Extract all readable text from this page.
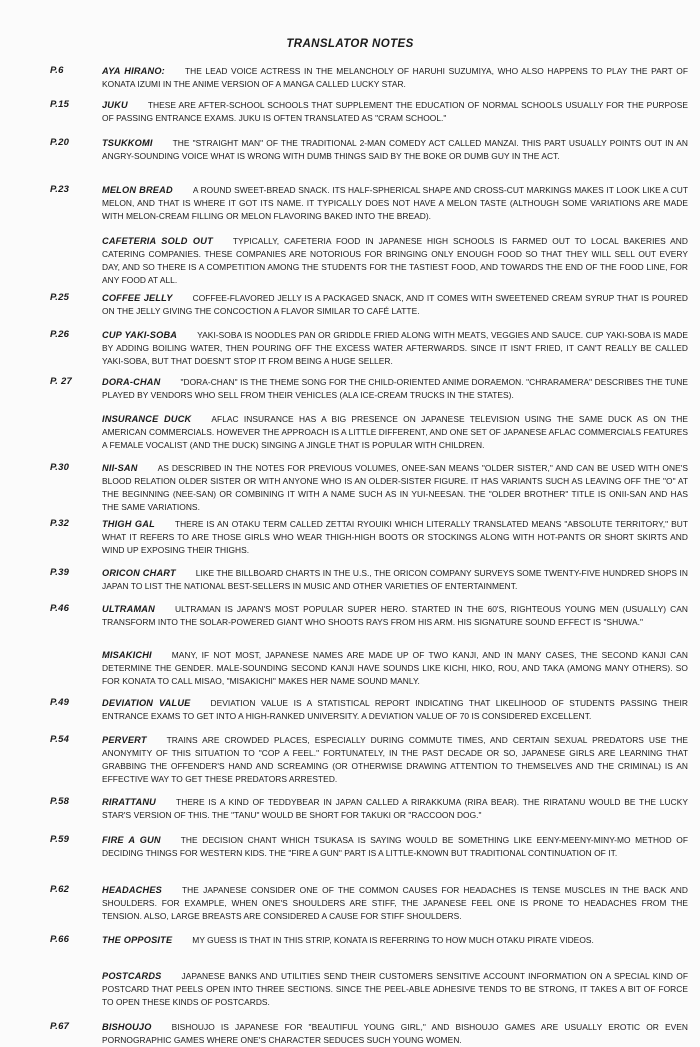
TRANSLATOR NOTES
P.6	AYA HIRANO: THE LEAD VOICE ACTRESS IN THE MELANCHOLY OF HARUHI SUZUMIYA, WHO ALSO HAPPENS TO PLAY THE PART OF KONATA IZUMI IN THE ANIME VERSION OF A MANGA CALLED LUCKY STAR.
P.15	JUKU THESE ARE AFTER-SCHOOL SCHOOLS THAT SUPPLEMENT THE EDUCATION OF NORMAL SCHOOLS USUALLY FOR THE PURPOSE OF PASSING ENTRANCE EXAMS. JUKU IS OFTEN TRANSLATED AS "CRAM SCHOOL."
P.20	TSUKKOMI THE "STRAIGHT MAN" OF THE TRADITIONAL 2-MAN COMEDY ACT CALLED MANZAI. THIS PART USUALLY POINTS OUT IN AN ANGRY-SOUNDING VOICE WHAT IS WRONG WITH DUMB THINGS SAID BY THE BOKE OR DUMB GUY IN THE ACT.
P.23	MELON BREAD A ROUND SWEET-BREAD SNACK. ITS HALF-SPHERICAL SHAPE AND CROSS-CUT MARKINGS MAKES IT LOOK LIKE A CUT MELON, AND THAT IS WHERE IT GOT ITS NAME. IT TYPICALLY DOES NOT HAVE A MELON TASTE (ALTHOUGH SOME VARIATIONS ARE MADE WITH MELON-CREAM FILLING OR MELON FLAVORING BAKED INTO THE BREAD).
CAFETERIA SOLD OUT TYPICALLY, CAFETERIA FOOD IN JAPANESE HIGH SCHOOLS IS FARMED OUT TO LOCAL BAKERIES AND CATERING COMPANIES. THESE COMPANIES ARE NOTORIOUS FOR BRINGING ONLY ENOUGH FOOD SO THAT THEY WILL SELL OUT EVERY DAY, AND SO THERE IS A COMPETITION AMONG THE STUDENTS FOR THE TASTIEST FOOD, AND TOWARDS THE END OF THE FOOD LINE, FOR ANY FOOD AT ALL.
P.25	COFFEE JELLY COFFEE-FLAVORED JELLY IS A PACKAGED SNACK, AND IT COMES WITH SWEETENED CREAM SYRUP THAT IS POURED ON THE JELLY GIVING THE CONCOCTION A FLAVOR SIMILAR TO CAFÉ LATTE.
P.26	CUP YAKI-SOBA YAKI-SOBA IS NOODLES PAN OR GRIDDLE FRIED ALONG WITH MEATS, VEGGIES AND SAUCE. CUP YAKI-SOBA IS MADE BY ADDING BOILING WATER, THEN POURING OFF THE EXCESS WATER AFTERWARDS. SINCE IT ISN'T FRIED, IT CAN'T REALLY BE CALLED YAKI-SOBA, BUT THAT DOESN'T STOP IT FROM BEING A HUGE SELLER.
P. 27	DORA-CHAN "DORA-CHAN" IS THE THEME SONG FOR THE CHILD-ORIENTED ANIME DORAEMON. "CHRARAMERA" DESCRIBES THE TUNE PLAYED BY VENDORS WHO SELL FROM THEIR VEHICLES (ALA ICE-CREAM TRUCKS IN THE STATES).
INSURANCE DUCK AFLAC INSURANCE HAS A BIG PRESENCE ON JAPANESE TELEVISION USING THE SAME DUCK AS ON THE AMERICAN COMMERCIALS. HOWEVER THE APPROACH IS A LITTLE DIFFERENT, AND ONE SET OF JAPANESE AFLAC COMMERCIALS FEATURES A FEMALE VOCALIST (AND THE DUCK) SINGING A JINGLE THAT IS POPULAR WITH CHILDREN.
P.30	NII-SAN AS DESCRIBED IN THE NOTES FOR PREVIOUS VOLUMES, ONEE-SAN MEANS "OLDER SISTER," AND CAN BE USED WITH ONE'S BLOOD RELATION OLDER SISTER OR WITH ANYONE WHO IS AN OLDER-SISTER FIGURE. IT HAS VARIANTS SUCH AS LEAVING OFF THE "O" AT THE BEGINNING (NEE-SAN) OR COMBINING IT WITH A NAME SUCH AS IN YUI-NEESAN. THE "OLDER BROTHER" TITLE IS ONII-SAN AND HAS THE SAME VARIATIONS.
P.32	THIGH GAL THERE IS AN OTAKU TERM CALLED ZETTAI RYOUIKI WHICH LITERALLY TRANSLATED MEANS "ABSOLUTE TERRITORY," BUT WHAT IT REFERS TO ARE THOSE GIRLS WHO WEAR THIGH-HIGH BOOTS OR STOCKINGS ALONG WITH HOT-PANTS OR SHORT SKIRTS AND WIND UP EXPOSING THEIR THIGHS.
P.39	ORICON CHART LIKE THE BILLBOARD CHARTS IN THE U.S., THE ORICON COMPANY SURVEYS SOME TWENTY-FIVE HUNDRED SHOPS IN JAPAN TO LIST THE NATIONAL BEST-SELLERS IN MUSIC AND OTHER VARIETIES OF ENTERTAINMENT.
P.46	ULTRAMAN ULTRAMAN IS JAPAN'S MOST POPULAR SUPER HERO. STARTED IN THE 60'S, RIGHTEOUS YOUNG MEN (USUALLY) CAN TRANSFORM INTO THE SOLAR-POWERED GIANT WHO SHOOTS RAYS FROM HIS ARM. HIS SIGNATURE SOUND EFFECT IS "SHUWA."
MISAKICHI MANY, IF NOT MOST, JAPANESE NAMES ARE MADE UP OF TWO KANJI, AND IN MANY CASES, THE SECOND KANJI CAN DETERMINE THE GENDER. MALE-SOUNDING SECOND KANJI HAVE SOUNDS LIKE KICHI, HIKO, ROU, AND TAKA (AMONG MANY OTHERS). SO FOR KONATA TO CALL MISAO, "MISAKICHI" MAKES HER NAME SOUND MANLY.
P.49	DEVIATION VALUE DEVIATION VALUE IS A STATISTICAL REPORT INDICATING THAT LIKELIHOOD OF STUDENTS PASSING THEIR ENTRANCE EXAMS TO GET INTO A HIGH-RANKED UNIVERSITY. A DEVIATION VALUE OF 70 IS CONSIDERED EXCELLENT.
P.54	PERVERT TRAINS ARE CROWDED PLACES, ESPECIALLY DURING COMMUTE TIMES, AND CERTAIN SEXUAL PREDATORS USE THE ANONYMITY OF THIS SITUATION TO "COP A FEEL." FORTUNATELY, IN THE PAST DECADE OR SO, JAPANESE GIRLS ARE LEARNING THAT GRABBING THE OFFENDER'S HAND AND SCREAMING (OR OTHERWISE DRAWING ATTENTION TO THEMSELVES AND THE CRIMINAL) IS AN EFFECTIVE WAY TO GET THESE PREDATORS ARRESTED.
P.58	RIRATTANU THERE IS A KIND OF TEDDYBEAR IN JAPAN CALLED A RIRAKKUMA (RIRA BEAR). THE RIRATANU WOULD BE THE LUCKY STAR'S VERSION OF THIS. THE "TANU" WOULD BE SHORT FOR TAKUKI OR "RACCOON DOG."
P.59	FIRE A GUN THE DECISION CHANT WHICH TSUKASA IS SAYING WOULD BE SOMETHING LIKE EENY-MEENY-MINY-MO METHOD OF DECIDING THINGS FOR WESTERN KIDS. THE "FIRE A GUN" PART IS A LITTLE-KNOWN BUT TRADITIONAL CONTINUATION OF IT.
P.62	HEADACHES THE JAPANESE CONSIDER ONE OF THE COMMON CAUSES FOR HEADACHES IS TENSE MUSCLES IN THE BACK AND SHOULDERS. FOR EXAMPLE, WHEN ONE'S SHOULDERS ARE STIFF, THE JAPANESE FEEL ONE IS PRONE TO HEADACHES FROM THE TENSION. ALSO, LARGE BREASTS ARE CONSIDERED A CAUSE FOR STIFF SHOULDERS.
P.66	THE OPPOSITE MY GUESS IS THAT IN THIS STRIP, KONATA IS REFERRING TO HOW MUCH OTAKU PIRATE VIDEOS.
POSTCARDS JAPANESE BANKS AND UTILITIES SEND THEIR CUSTOMERS SENSITIVE ACCOUNT INFORMATION ON A SPECIAL KIND OF POSTCARD THAT PEELS OPEN INTO THREE SECTIONS. SINCE THE PEEL-ABLE ADHESIVE TENDS TO BE STRONG, IT TAKES A BIT OF FORCE TO OPEN THESE KINDS OF POSTCARDS.
P.67	BISHOUJO BISHOUJO IS JAPANESE FOR "BEAUTIFUL YOUNG GIRL," AND BISHOUJO GAMES ARE USUALLY EROTIC OR EVEN PORNOGRAPHIC GAMES WHERE ONE'S CHARACTER SEDUCES SUCH YOUNG WOMEN.
